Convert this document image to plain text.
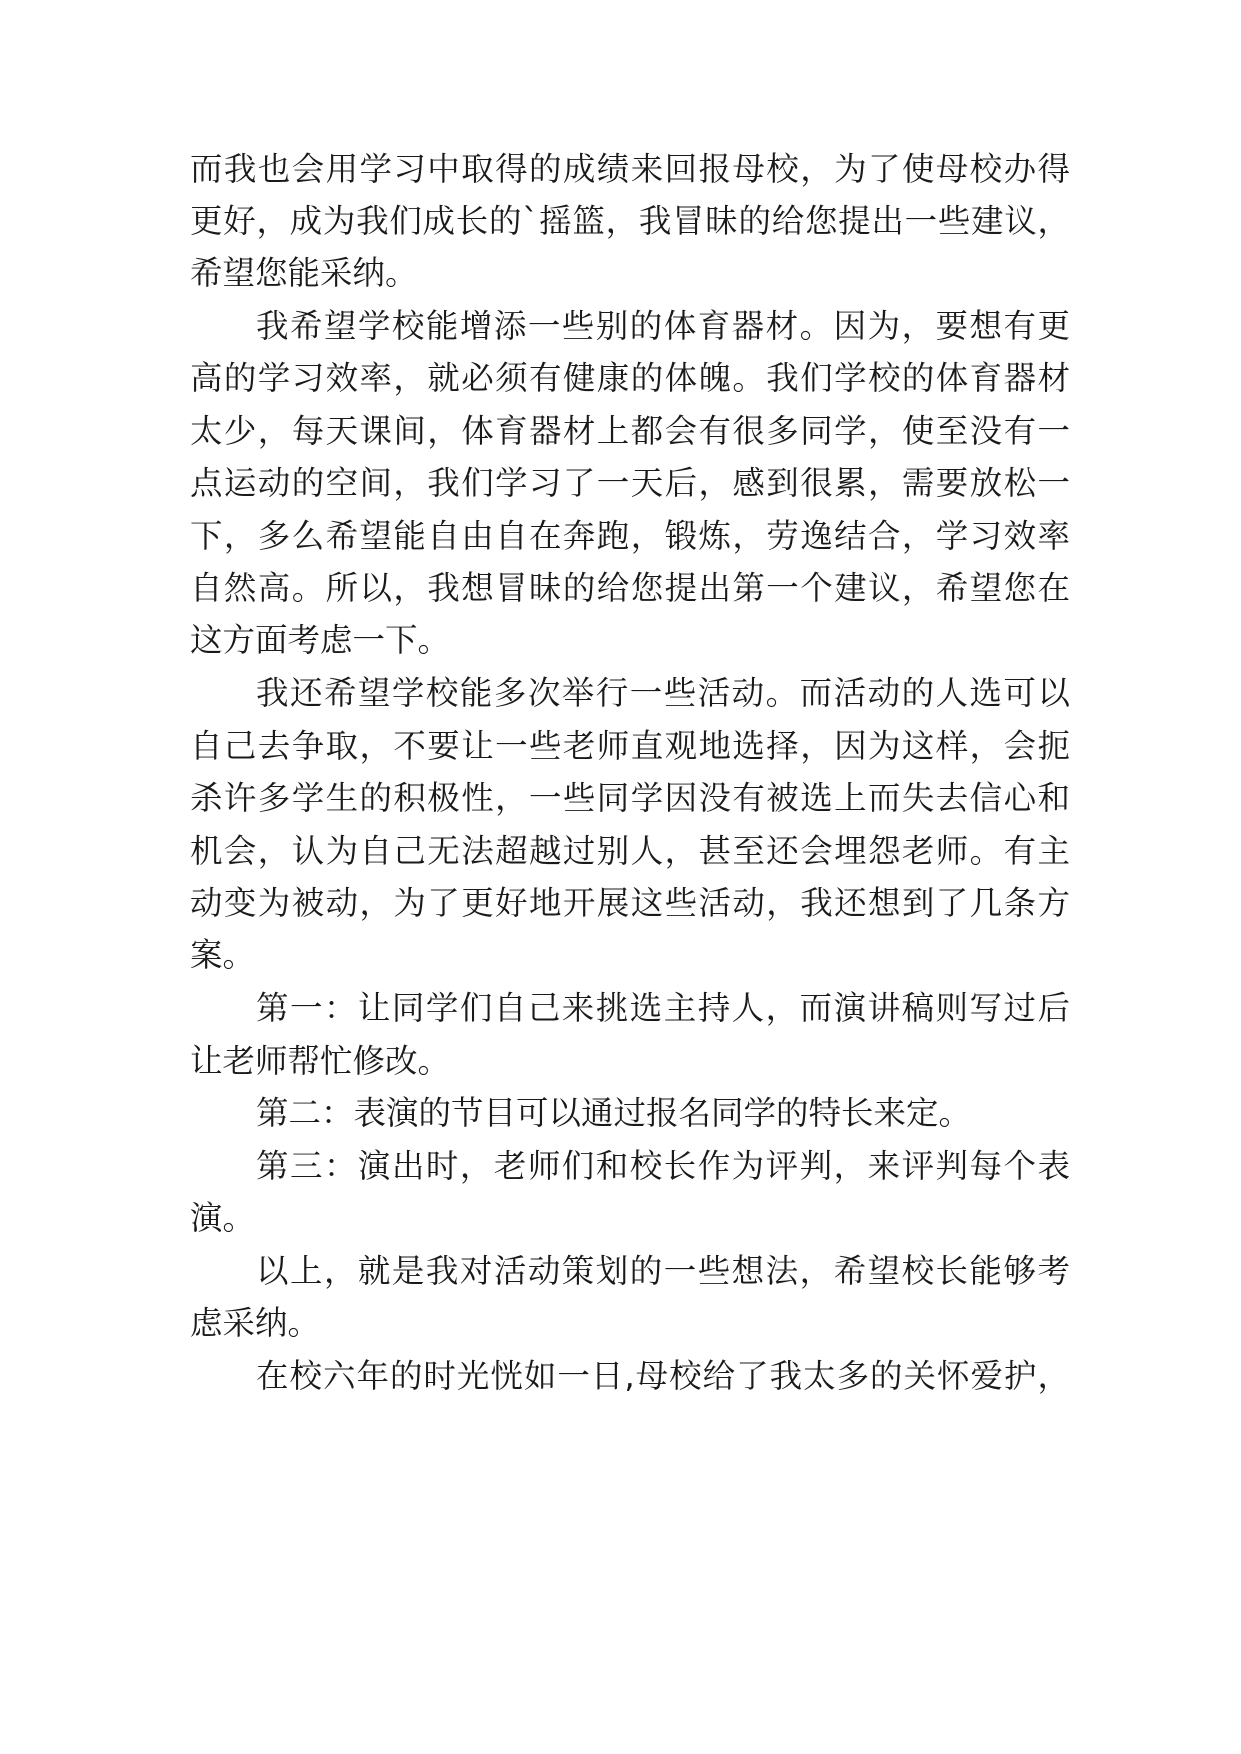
而我也会用学习中取得的成绩来回报母校，为了使母校办得

更好，成为我们成长的`摇篮，我冒昧的给您提出一些建议，

希望您能采纳。

我希望学校能增添一些别的体育器材。因为，要想有更

高的学习效率，就必须有健康的体魄。我们学校的体育器材

太少，每天课间，体育器材上都会有很多同学，使至没有一

点运动的空间，我们学习了一天后，感到很累，需要放松一

下，多么希望能自由自在奔跑，锻炼，劳逸结合，学习效率

自然高。所以，我想冒昧的给您提出第一个建议，希望您在

这方面考虑一下。

我还希望学校能多次举行一些活动。而活动的人选可以

自己去争取，不要让一些老师直观地选择，因为这样，会扼

杀许多学生的积极性，一些同学因没有被选上而失去信心和

机会，认为自己无法超越过别人，甚至还会埋怨老师。有主

动变为被动，为了更好地开展这些活动，我还想到了几条方

案。

第一：让同学们自己来挑选主持人，而演讲稿则写过后

让老师帮忙修改。

第二：表演的节目可以通过报名同学的特长来定。

第三：演出时，老师们和校长作为评判，来评判每个表

演。

以上，就是我对活动策划的一些想法，希望校长能够考

虑采纳。

在校六年的时光恍如一日,母校给了我太多的关怀爱护，
